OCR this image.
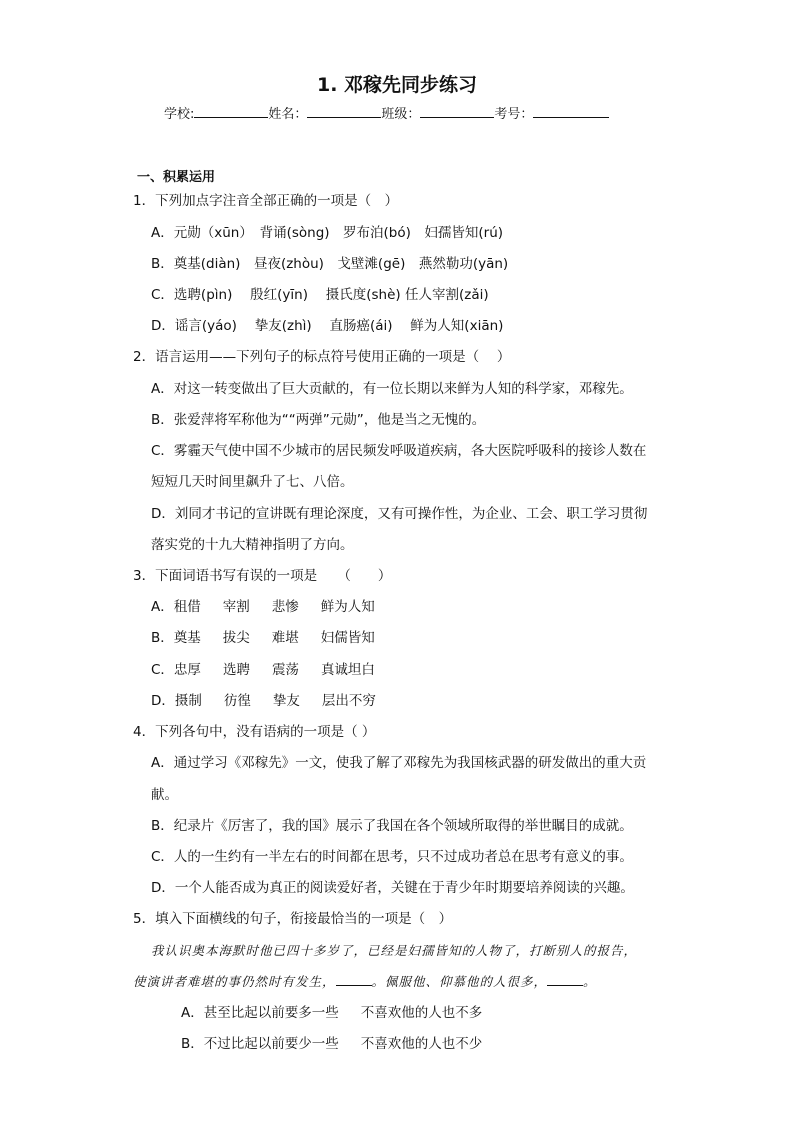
1. 邓稼先同步练习
学校:	姓名：	班级：	考号：
一、积累运用
1．下列加点字注音全部正确的一项是（　）
A．元勋（xūn）　背诵(sòng)　罗布泊(bó)　妇孺皆知(rú)
B．奠基(diàn)　昼夜(zhòu)　戈壁滩(gē)　燕然勒功(yān)
C．选聘(pìn)　 殷红(yīn)　 摄氏度(shè) 任人宰割(zǎi)
D．谣言(yáo)　 挚友(zhì)　 直肠癌(ái)　 鲜为人知(xiān)
2．语言运用——下列句子的标点符号使用正确的一项是（　 ）
A．对这一转变做出了巨大贡献的，有一位长期以来鲜为人知的科学家，邓稼先。
B．张爱萍将军称他为““两弹”元勋”，他是当之无愧的。
C．雾霾天气使中国不少城市的居民频发呼吸道疾病，各大医院呼吸科的接诊人数在
短短几天时间里飙升了七、八倍。
D．刘同才书记的宣讲既有理论深度，又有可操作性，为企业、工会、职工学习贯彻
落实党的十九大精神指明了方向。
3．下面词语书写有误的一项是　　（　　）
A．租借 宰割 悲惨 鲜为人知
B．奠基 拔尖 难堪 妇儒皆知
C．忠厚 选聘 震荡 真诚坦白
D．摄制 彷徨 挚友 层出不穷
4．下列各句中，没有语病的一项是（ ）
A．通过学习《邓稼先》一文，使我了解了邓稼先为我国核武器的研发做出的重大贡
献。
B．纪录片《厉害了，我的国》展示了我国在各个领域所取得的举世瞩目的成就。
C．人的一生约有一半左右的时间都在思考，只不过成功者总在思考有意义的事。
D．一个人能否成为真正的阅读爱好者，关键在于青少年时期要培养阅读的兴趣。
5．填入下面横线的句子，衔接最恰当的一项是（　）
我认识奥本海默时他已四十多岁了，已经是妇孺皆知的人物了，打断别人的报告，
使演讲者难堪的事仍然时有发生，	。佩服他、仰慕他的人很多，	。
A．甚至比起以前要多一些 不喜欢他的人也不多
B．不过比起以前要少一些 不喜欢他的人也不少
